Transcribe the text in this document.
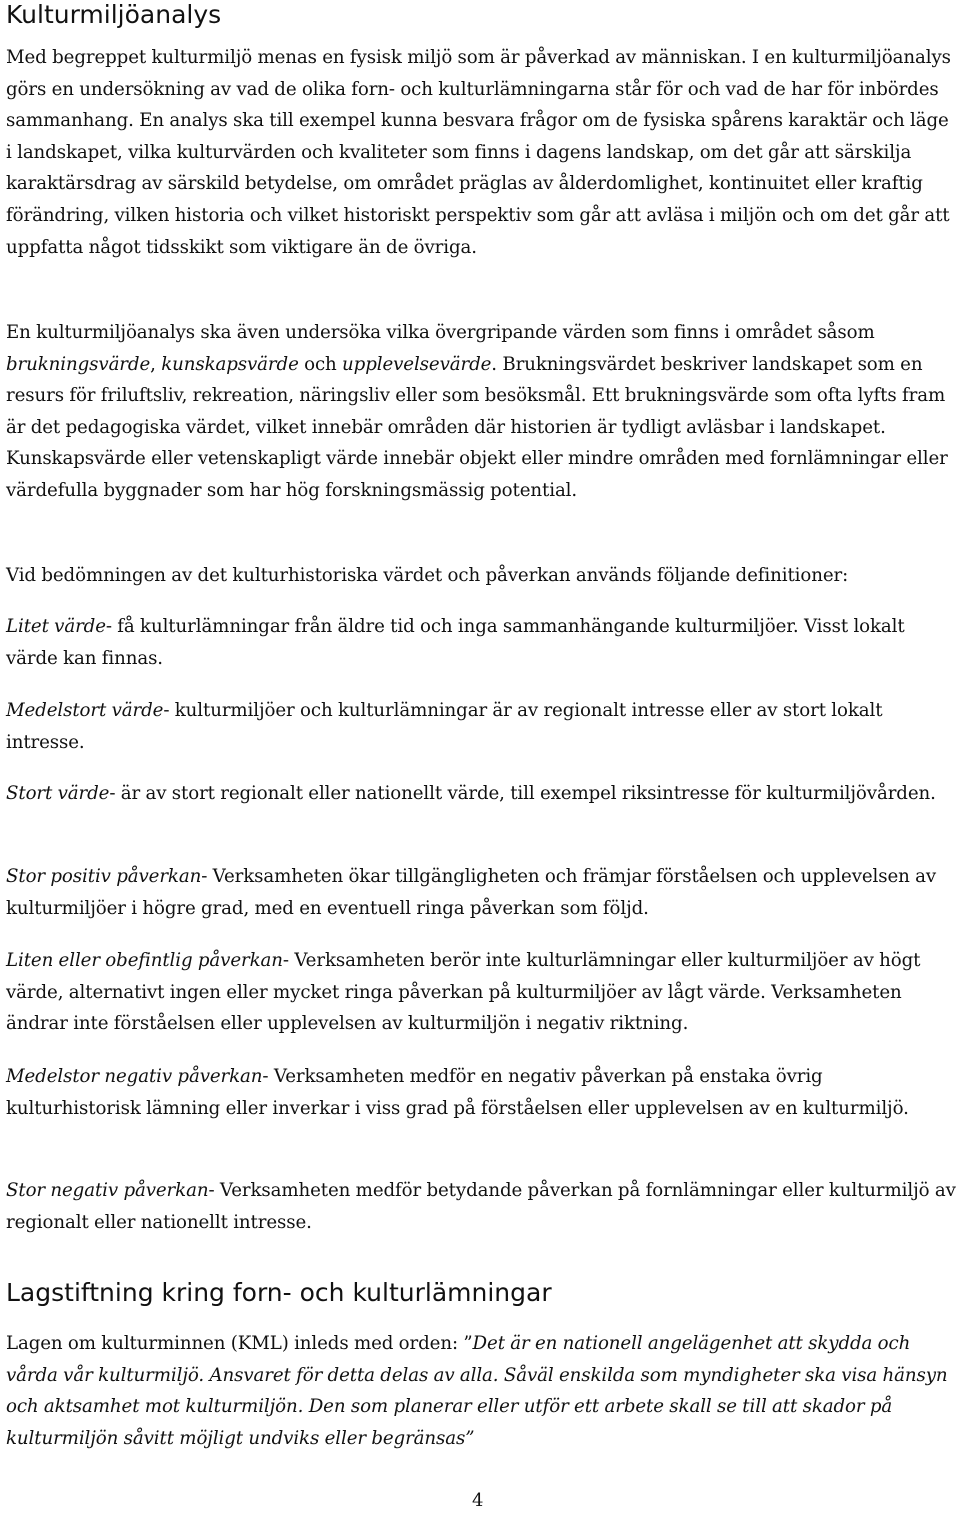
Kulturmiljöanalys

Med begreppet kulturmiljö menas en fysisk miljö som är påverkad av människan. I en kulturmiljöanalys görs en undersökning av vad de olika forn- och kulturlämningarna står för och vad de har för inbördes sammanhang. En analys ska till exempel kunna besvara frågor om de fysiska spårens karaktär och läge i landskapet, vilka kulturvärden och kvaliteter som finns i dagens landskap, om det går att särskilja karaktärsdrag av särskild betydelse, om området präglas av ålderdomlighet, kontinuitet eller kraftig förändring, vilken historia och vilket historiskt perspektiv som går att avläsa i miljön och om det går att uppfatta något tidsskikt som viktigare än de övriga.

En kulturmiljöanalys ska även undersöka vilka övergripande värden som finns i området såsom brukningsvärde, kunskapsvärde och upplevelsevärde. Brukningsvärdet beskriver landskapet som en resurs för friluftsliv, rekreation, näringsliv eller som besöksmål. Ett brukningsvärde som ofta lyfts fram är det pedagogiska värdet, vilket innebär områden där historien är tydligt avläsbar i landskapet. Kunskapsvärde eller vetenskapligt värde innebär objekt eller mindre områden med fornlämningar eller värdefulla byggnader som har hög forskningsmässig potential.

Vid bedömningen av det kulturhistoriska värdet och påverkan används följande definitioner:

Litet värde- få kulturlämningar från äldre tid och inga sammanhängande kulturmiljöer. Visst lokalt värde kan finnas.

Medelstort värde- kulturmiljöer och kulturlämningar är av regionalt intresse eller av stort lokalt intresse.

Stort värde- är av stort regionalt eller nationellt värde, till exempel riksintresse för kulturmiljövården.

Stor positiv påverkan- Verksamheten ökar tillgängligheten och främjar förståelsen och upplevelsen av kulturmiljöer i högre grad, med en eventuell ringa påverkan som följd.

Liten eller obefintlig påverkan- Verksamheten berör inte kulturlämningar eller kulturmiljöer av högt värde, alternativt ingen eller mycket ringa påverkan på kulturmiljöer av lågt värde. Verksamheten ändrar inte förståelsen eller upplevelsen av kulturmiljön i negativ riktning.

Medelstor negativ påverkan- Verksamheten medför en negativ påverkan på enstaka övrig kulturhistorisk lämning eller inverkar i viss grad på förståelsen eller upplevelsen av en kulturmiljö.

Stor negativ påverkan- Verksamheten medför betydande påverkan på fornlämningar eller kulturmiljö av regionalt eller nationellt intresse.

Lagstiftning kring forn- och kulturlämningar

Lagen om kulturminnen (KML) inleds med orden: ”Det är en nationell angelägenhet att skydda och vårda vår kulturmiljö. Ansvaret för detta delas av alla. Såväl enskilda som myndigheter ska visa hänsyn och aktsamhet mot kulturmiljön. Den som planerar eller utför ett arbete skall se till att skador på kulturmiljön såvitt möjligt undviks eller begränsas”

4
